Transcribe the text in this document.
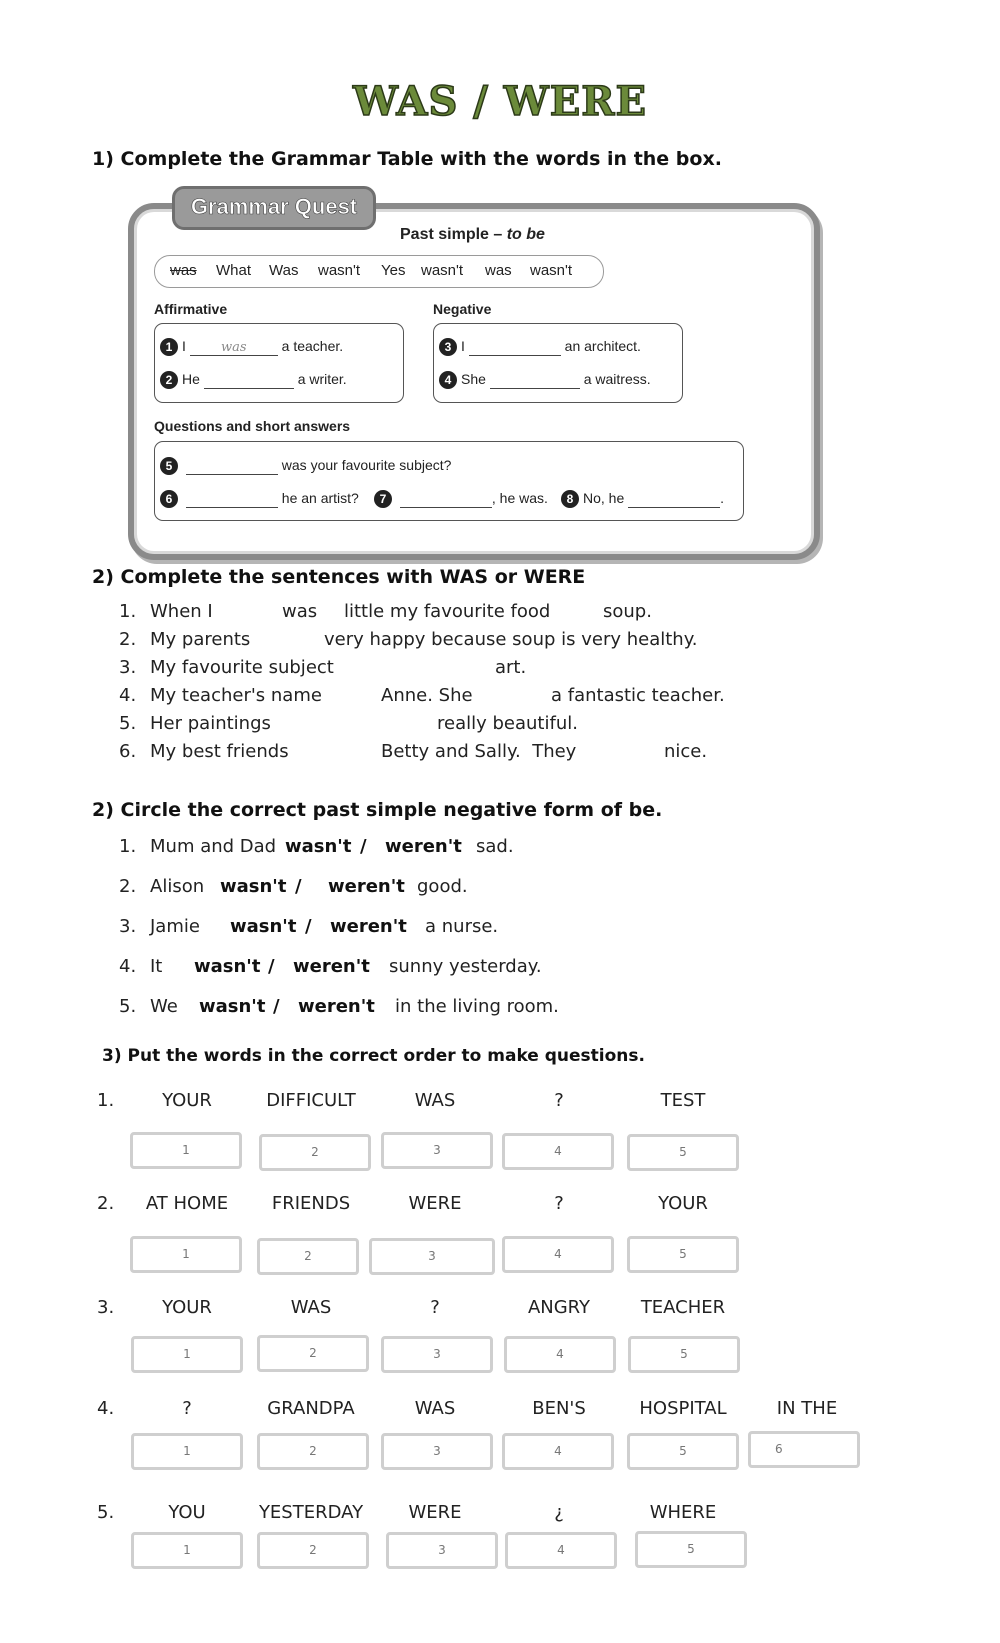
WAS / WERE
1) Complete the Grammar Table with the words in the box.
Grammar Quest
Past simple – to be
was What Was wasn't Yes wasn't was wasn't
Affirmative	Negative
1 I	was	a teacher.
2 He	a writer.
3 I	an architect.
4 She	a waitress.
Questions and short answers
5	was your favourite subject?
6	he an artist?	7	, he was.	8 No, he	.
2) Complete the sentences with WAS or WERE
1. When I	was little my favourite food	soup.
2. My parents	very happy because soup is very healthy.
3. My favourite subject	art.
4. My teacher's name	Anne. She	a fantastic teacher.
5. Her paintings	really beautiful.
6. My best friends	Betty and Sally.  They	nice.
2) Circle the correct past simple negative form of be.
1. Mum and Dad wasn't / weren't sad.
2. Alison wasn't / weren't good.
3. Jamie wasn't / weren't a nurse.
4. It wasn't / weren't sunny yesterday.
5. We wasn't / weren't in the living room.
3) Put the words in the correct order to make questions.
1.	YOUR	DIFFICULT	WAS	?	TEST
1	2	3	4	5
2.	AT HOME	FRIENDS	WERE	?	YOUR
1	2	3	4	5
3.	YOUR	WAS	?	ANGRY	TEACHER
1	2	3	4	5
4.	?	GRANDPA	WAS	BEN'S	HOSPITAL	IN THE
1	2	3	4	5	6
5.	YOU	YESTERDAY	WERE	¿	WHERE
1	2	3	4	5
